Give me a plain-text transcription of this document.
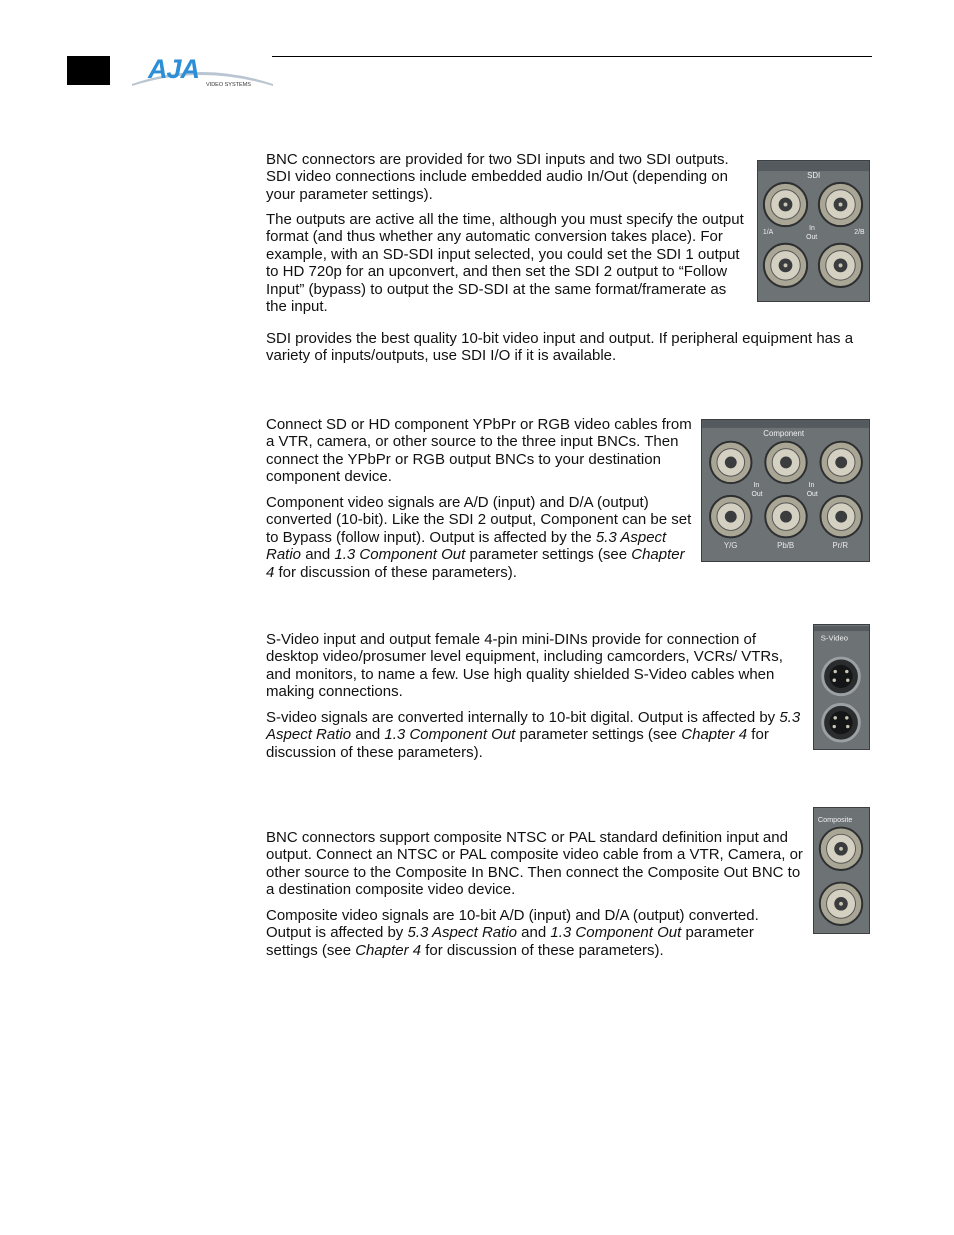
AJA
VIDEO SYSTEMS

BNC connectors are provided for two SDI inputs and two SDI outputs. SDI video connections include embedded audio In/Out (depending on your parameter settings).

The outputs are active all the time, although you must specify the output format (and thus whether any automatic conversion takes place). For example, with an SD-SDI input selected, you could set the SDI 1 output to HD 720p for an upconvert, and then set the SDI 2 output to “Follow Input” (bypass) to output the SD-SDI at the same format/framerate as the input.

SDI provides the best quality 10-bit video input and output. If peripheral equipment has a variety of inputs/outputs, use SDI I/O if it is available.

SDI
1/A	2/B
In
Out

Connect SD or HD component YPbPr or RGB video cables from a VTR, camera, or other source to the three input BNCs. Then connect the YPbPr or RGB output BNCs to your destination component device.

Component video signals are A/D (input) and D/A (output) converted (10-bit). Like the SDI 2 output, Component can be set to Bypass (follow input). Output is affected by the 5.3 Aspect Ratio and 1.3 Component Out parameter settings (see Chapter 4 for discussion of these parameters).

Component
In
Out
In
Out
Y/G	Pb/B	Pr/R

S-Video input and output female 4-pin mini-DINs provide for connection of desktop video/prosumer level equipment, including camcorders, VCRs/ VTRs, and monitors, to name a few. Use high quality shielded S-Video cables when making connections.

S-video signals are converted internally to 10-bit digital. Output is affected by 5.3 Aspect Ratio and 1.3 Component Out parameter settings (see Chapter 4 for discussion of these parameters).

S-Video

BNC connectors support composite NTSC or PAL standard definition input and output. Connect an NTSC or PAL composite video cable from a VTR, Camera, or other source to the Composite In BNC. Then connect the Composite Out BNC to a destination composite video device.

Composite video signals are 10-bit A/D (input) and D/A (output) converted. Output is affected by 5.3 Aspect Ratio and 1.3 Component Out parameter settings (see Chapter 4 for discussion of these parameters).

Composite
